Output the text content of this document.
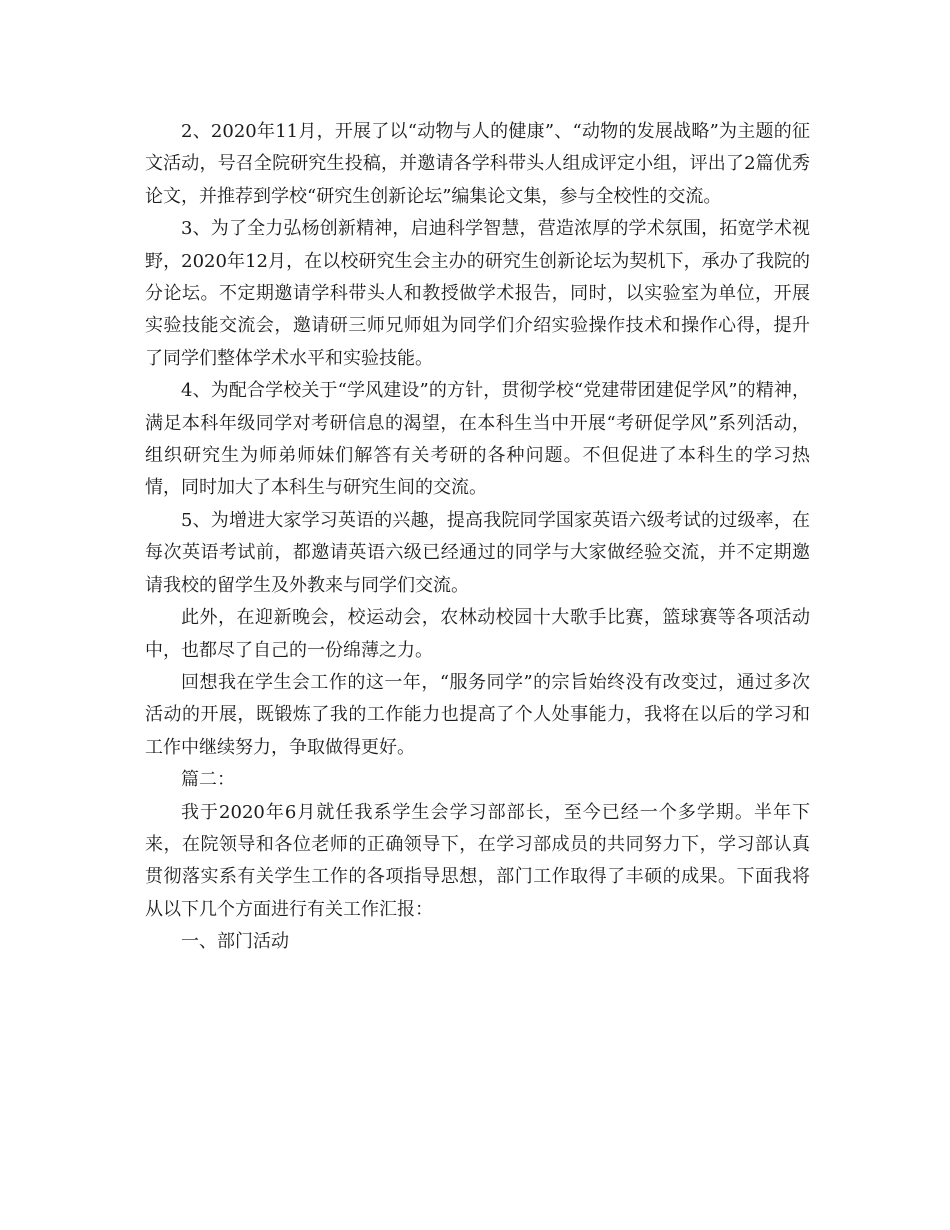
2、2020年11月，开展了以“动物与人的健康”、“动物的发展战略”为主题的征文活动，号召全院研究生投稿，并邀请各学科带头人组成评定小组，评出了2篇优秀论文，并推荐到学校“研究生创新论坛”编集论文集，参与全校性的交流。

3、为了全力弘杨创新精神，启迪科学智慧，营造浓厚的学术氛围，拓宽学术视野，2020年12月，在以校研究生会主办的研究生创新论坛为契机下，承办了我院的分论坛。不定期邀请学科带头人和教授做学术报告，同时，以实验室为单位，开展实验技能交流会，邀请研三师兄师姐为同学们介绍实验操作技术和操作心得，提升了同学们整体学术水平和实验技能。

4、为配合学校关于“学风建设”的方针，贯彻学校“党建带团建促学风”的精神，满足本科年级同学对考研信息的渴望，在本科生当中开展“考研促学风”系列活动，组织研究生为师弟师妹们解答有关考研的各种问题。不但促进了本科生的学习热情，同时加大了本科生与研究生间的交流。

5、为增进大家学习英语的兴趣，提高我院同学国家英语六级考试的过级率，在每次英语考试前，都邀请英语六级已经通过的同学与大家做经验交流，并不定期邀请我校的留学生及外教来与同学们交流。

此外，在迎新晚会，校运动会，农林动校园十大歌手比赛，篮球赛等各项活动中，也都尽了自己的一份绵薄之力。

回想我在学生会工作的这一年，“服务同学”的宗旨始终没有改变过，通过多次活动的开展，既锻炼了我的工作能力也提高了个人处事能力，我将在以后的学习和工作中继续努力，争取做得更好。

篇二：

我于2020年6月就任我系学生会学习部部长，至今已经一个多学期。半年下来，在院领导和各位老师的正确领导下，在学习部成员的共同努力下，学习部认真贯彻落实系有关学生工作的各项指导思想，部门工作取得了丰硕的成果。下面我将从以下几个方面进行有关工作汇报：

一、部门活动
